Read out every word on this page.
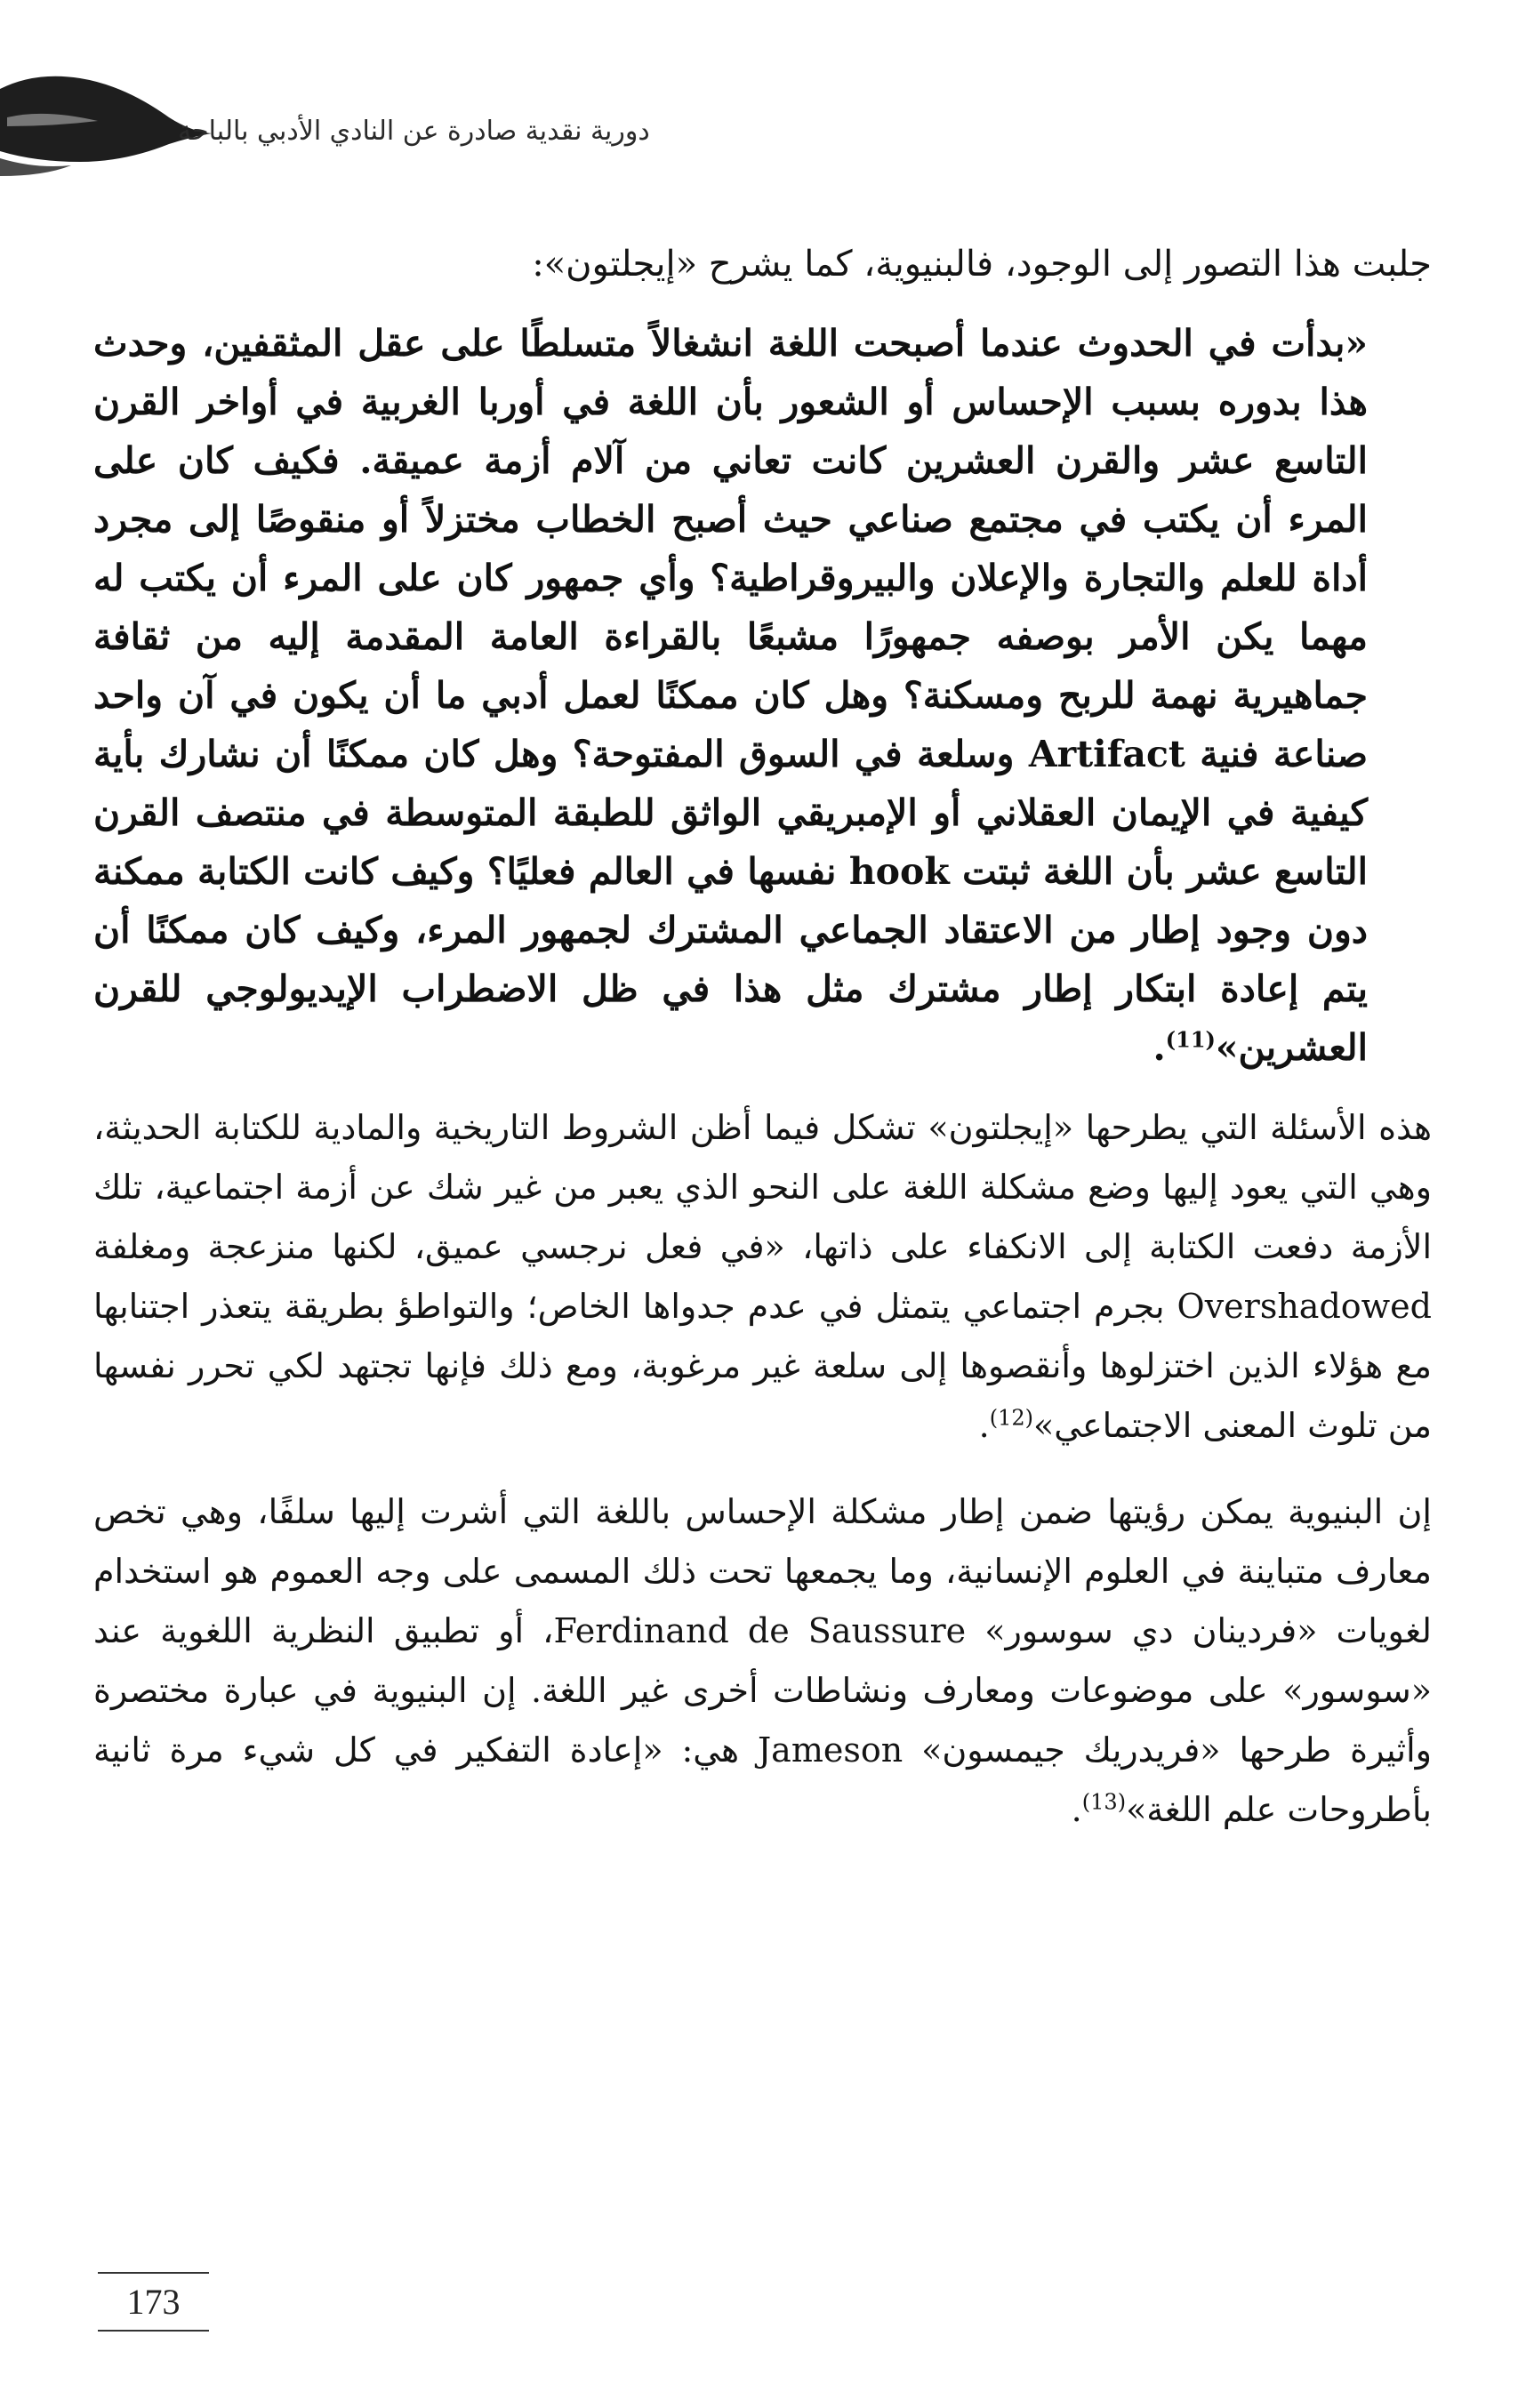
دورية نقدية صادرة عن النادي الأدبي بالباحة

جلبت هذا التصور إلى الوجود، فالبنيوية، كما يشرح «إيجلتون»:

«بدأت في الحدوث عندما أصبحت اللغة انشغالاً متسلطًا على عقل المثقفين، وحدث هذا بدوره بسبب الإحساس أو الشعور بأن اللغة في أوربا الغربية في أواخر القرن التاسع عشر والقرن العشرين كانت تعاني من آلام أزمة عميقة. فكيف كان على المرء أن يكتب في مجتمع صناعي حيث أصبح الخطاب مختزلاً أو منقوصًا إلى مجرد أداة للعلم والتجارة والإعلان والبيروقراطية؟ وأي جمهور كان على المرء أن يكتب له مهما يكن الأمر بوصفه جمهورًا مشبعًا بالقراءة العامة المقدمة إليه من ثقافة جماهيرية نهمة للربح ومسكنة؟ وهل كان ممكنًا لعمل أدبي ما أن يكون في آن واحد صناعة فنية Artifact وسلعة في السوق المفتوحة؟ وهل كان ممكنًا أن نشارك بأية كيفية في الإيمان العقلاني أو الإمبريقي الواثق للطبقة المتوسطة في منتصف القرن التاسع عشر بأن اللغة ثبتت hook نفسها في العالم فعليًا؟ وكيف كانت الكتابة ممكنة دون وجود إطار من الاعتقاد الجماعي المشترك لجمهور المرء، وكيف كان ممكنًا أن يتم إعادة ابتكار إطار مشترك مثل هذا في ظل الاضطراب الإيديولوجي للقرن العشرين»$^{(11)}$.

هذه الأسئلة التي يطرحها «إيجلتون» تشكل فيما أظن الشروط التاريخية والمادية للكتابة الحديثة، وهي التي يعود إليها وضع مشكلة اللغة على النحو الذي يعبر من غير شك عن أزمة اجتماعية، تلك الأزمة دفعت الكتابة إلى الانكفاء على ذاتها، «في فعل نرجسي عميق، لكنها منزعجة ومغلفة Overshadowed بجرم اجتماعي يتمثل في عدم جدواها الخاص؛ والتواطؤ بطريقة يتعذر اجتنابها مع هؤلاء الذين اختزلوها وأنقصوها إلى سلعة غير مرغوبة، ومع ذلك فإنها تجتهد لكي تحرر نفسها من تلوث المعنى الاجتماعي»$^{(12)}$.

إن البنيوية يمكن رؤيتها ضمن إطار مشكلة الإحساس باللغة التي أشرت إليها سلفًا، وهي تخص معارف متباينة في العلوم الإنسانية، وما يجمعها تحت ذلك المسمى على وجه العموم هو استخدام لغويات «فردينان دي سوسور» Ferdinand de Saussure، أو تطبيق النظرية اللغوية عند «سوسور» على موضوعات ومعارف ونشاطات أخرى غير اللغة. إن البنيوية في عبارة مختصرة وأثيرة طرحها «فريدريك جيمسون» Jameson هي: «إعادة التفكير في كل شيء مرة ثانية بأطروحات علم اللغة»$^{(13)}$.

173
